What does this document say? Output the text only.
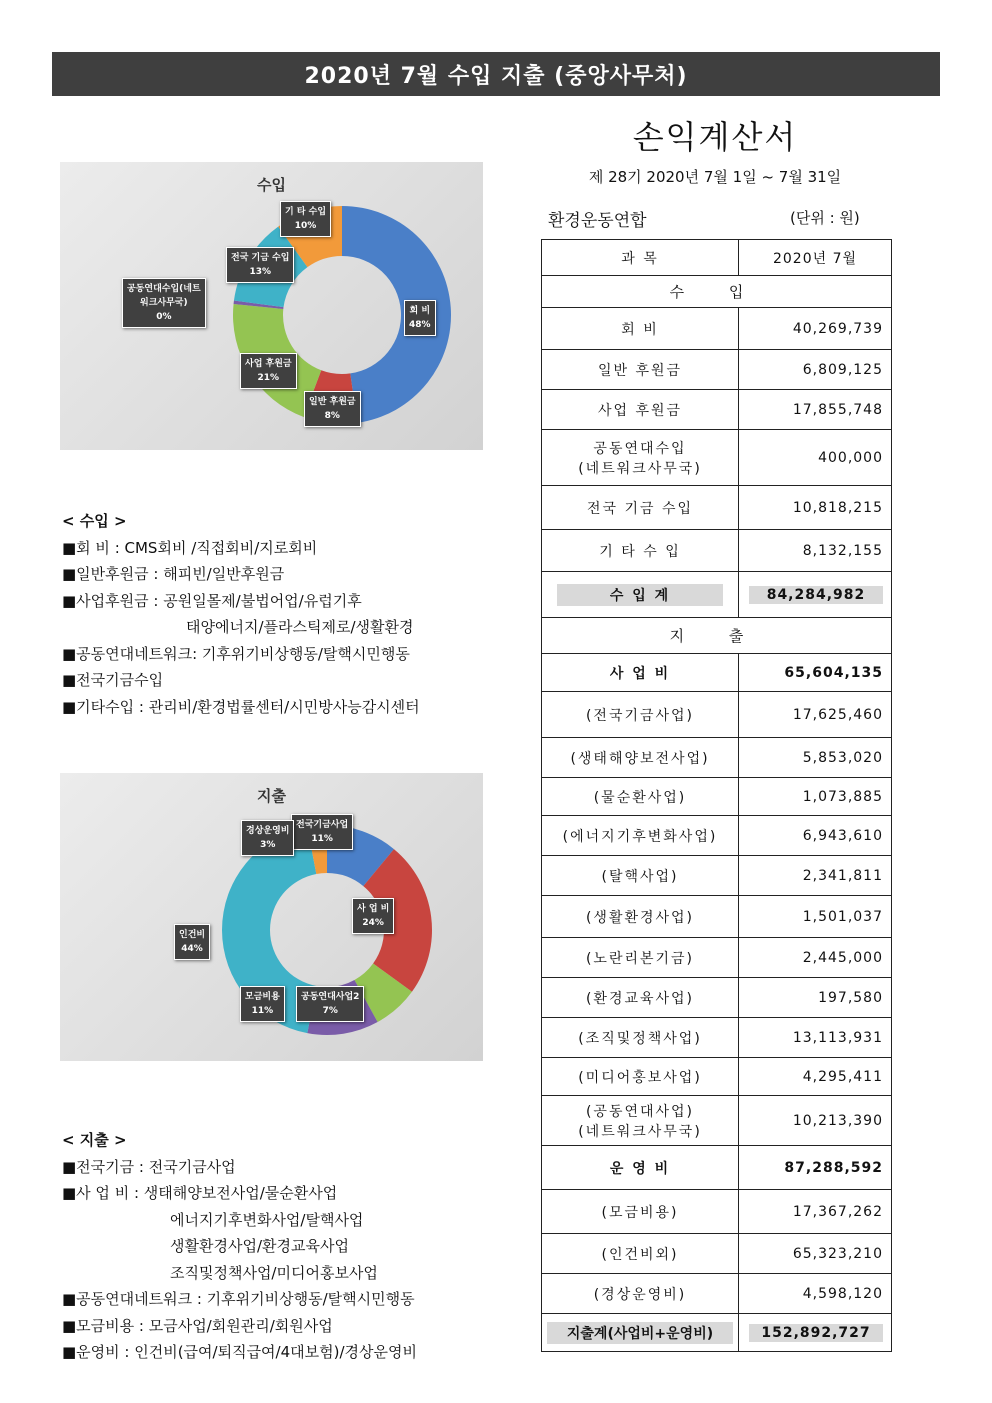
2020년 7월 수입 지출 (중앙사무처)
손익계산서
제 28기 2020년 7월 1일 ~ 7월 31일
환경운동연합	(단위 : 원)
과 목	2020년 7월
수 입	
회 비	40,269,739
일반 후원금	6,809,125
사업 후원금	17,855,748
공동연대수입
(네트워크사무국)	400,000
전국 기금 수입	10,818,215
기 타 수 입	8,132,155
수 입 계	84,284,982
지 출	
사 업 비	65,604,135
(전국기금사업)	17,625,460
(생태해양보전사업)	5,853,020
(물순환사업)	1,073,885
(에너지기후변화사업)	6,943,610
(탈핵사업)	2,341,811
(생활환경사업)	1,501,037
(노란리본기금)	2,445,000
(환경교육사업)	197,580
(조직및정책사업)	13,113,931
(미디어홍보사업)	4,295,411
(공동연대사업)
(네트워크사무국)	10,213,390
운 영 비	87,288,592
(모금비용)	17,367,262
(인건비외)	65,323,210
(경상운영비)	4,598,120
지출계(사업비+운영비)	152,892,727
수입
회 비
48%
일반 후원금
8%
사업 후원금
21%
공동연대수입(네트
워크사무국)
0%
전국 기금 수입
13%
기 타 수입
10%
지출
전국기금사업
11%
사 업 비
24%
공동연대사업2
7%
모금비용
11%
인건비
44%
경상운영비
3%
< 수입 >
■회 비 : CMS회비 /직접회비/지로회비
■일반후원금 : 해피빈/일반후원금
■사업후원금 : 공원일몰제/불법어업/유럽기후
태양에너지/플라스틱제로/생활환경
■공동연대네트워크: 기후위기비상행동/탈핵시민행동
■전국기금수입
■기타수입 : 관리비/환경법률센터/시민방사능감시센터
< 지출 >
■전국기금 : 전국기금사업
■사 업 비 : 생태해양보전사업/물순환사업
에너지기후변화사업/탈핵사업
생활환경사업/환경교육사업
조직및정책사업/미디어홍보사업
■공동연대네트워크 : 기후위기비상행동/탈핵시민행동
■모금비용 : 모금사업/회원관리/회원사업
■운영비 : 인건비(급여/퇴직급여/4대보험)/경상운영비
